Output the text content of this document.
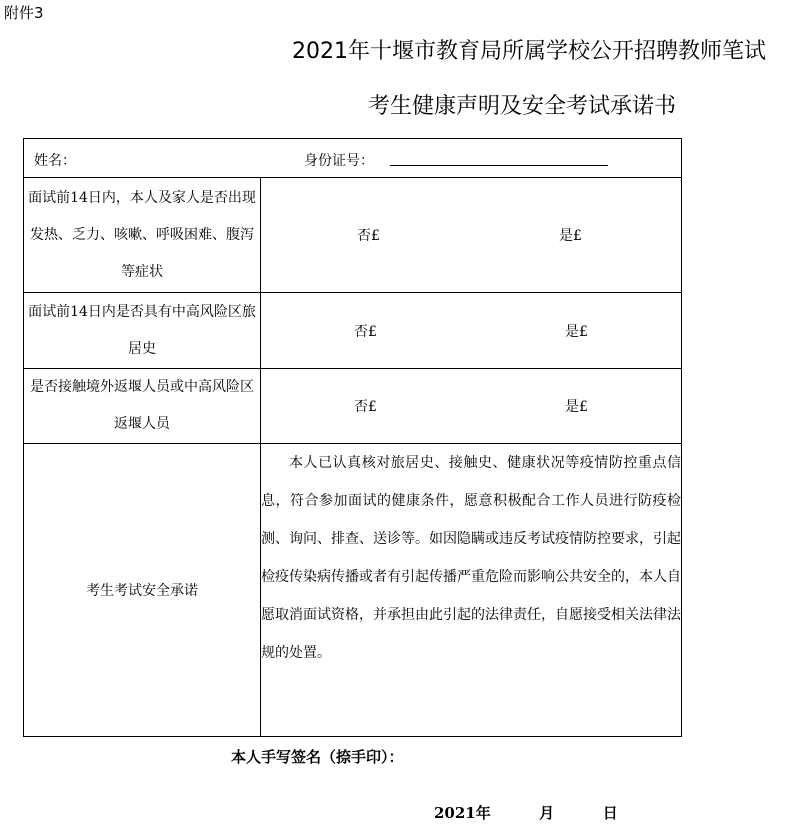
附件3
2021年十堰市教育局所属学校公开招聘教师笔试
考生健康声明及安全考试承诺书
姓名： 身份证号：	

面试前14日内，本人及家人是否出现发热、乏力、咳嗽、呼吸困难、腹泻等症状	否£ 是£

面试前14日内是否具有中高风险区旅居史	否£ 是£

是否接触境外返堰人员或中高风险区返堰人员	否£ 是£

考生考试安全承诺	本人已认真核对旅居史、接触史、健康状况等疫情防控重点信息，符合参加面试的健康条件，愿意积极配合工作人员进行防疫检测、询问、排查、送诊等。如因隐瞒或违反考试疫情防控要求，引起检疫传染病传播或者有引起传播严重危险而影响公共安全的，本人自愿取消面试资格，并承担由此引起的法律责任，自愿接受相关法律法规的处置。
本人手写签名（捺手印）：
2021年	月	日
